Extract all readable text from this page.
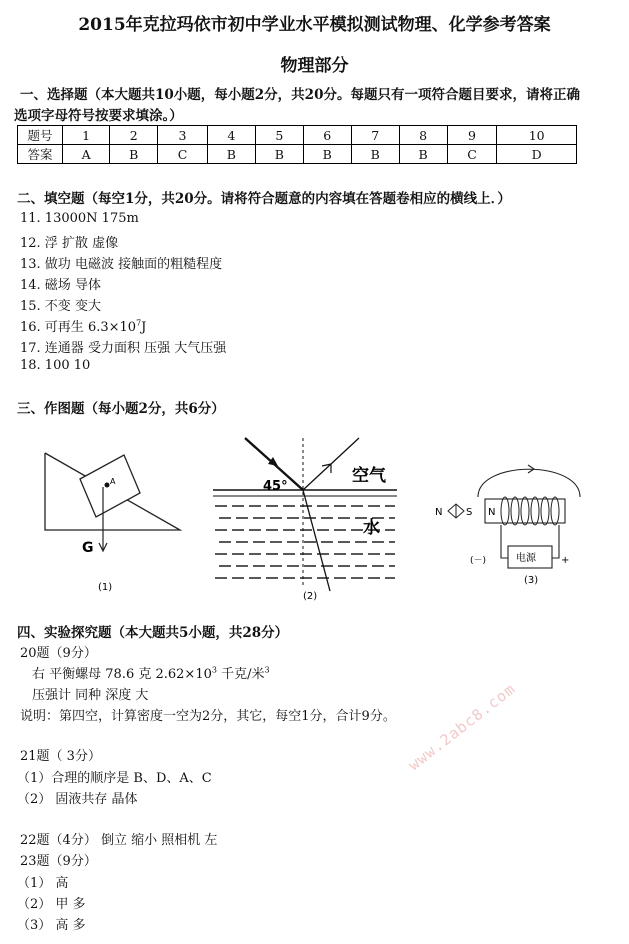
2015年克拉玛依市初中学业水平模拟测试物理、化学参考答案
物理部分
一、选择题（本大题共10小题，每小题2分，共20分。每题只有一项符合题目要求，请将正确
选项字母符号按要求填涂。）
题号	1	2	3	4	5	6	7	8	9	10
答案	A	B	C	B	B	B	B	B	C	D
二、填空题（每空1分，共20分。请将符合题意的内容填在答题卷相应的横线上．）
11. 13000N 175m
12. 浮 扩散 虚像
13. 做功 电磁波 接触面的粗糙程度
14. 磁场 导体
15. 不变 变大
16. 可再生 $6.3\times 10^7J$
17. 连通器 受力面积 压强 大气压强
18. 100 10
三、作图题（每小题2分，共6分）
A
G
(1)
45°
空气
水
(2)
N S N
电源
(－)	+
(3)
四、实验探究题（本大题共5小题，共28分）
20题（9分）
右 平衡螺母 78.6 克 $2.62\times 10^3$ 千克/米$^3$
压强计 同种 深度 大
说明：第四空，计算密度一空为2分，其它，每空1分，合计9分。
21题（ 3分）
（1）合理的顺序是 B、D、A、C
（2） 固液共存 晶体
22题（4分） 倒立 缩小 照相机 左
23题（9分）
（1） 高
（2） 甲 多
（3） 高 多
www.2abc8.com
